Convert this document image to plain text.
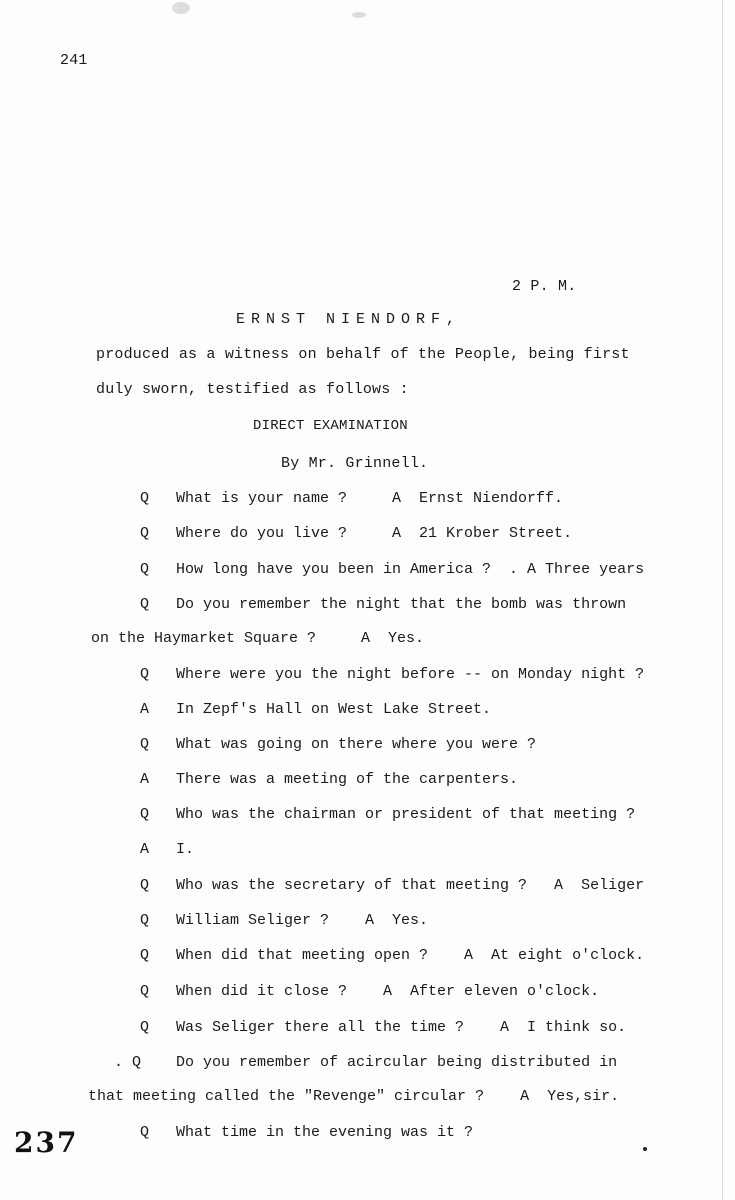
241
2 P. M.
ERNST NIENDORF,
produced as a witness on behalf of the People, being first
duly sworn, testified as follows :
DIRECT EXAMINATION
By Mr. Grinnell.
Q What is your name ?     A  Ernst Niendorff.
Q Where do you live ?     A  21 Krober Street.
Q How long have you been in America ?  . A Three years
Q Do you remember the night that the bomb was thrown
on the Haymarket Square ?     A  Yes.
Q Where were you the night before -- on Monday night ?
A In Zepf's Hall on West Lake Street.
Q What was going on there where you were ?
A There was a meeting of the carpenters.
Q Who was the chairman or president of that meeting ?
A I.
Q Who was the secretary of that meeting ?   A  Seliger
Q William Seliger ?    A  Yes.
Q When did that meeting open ?    A  At eight o'clock.
Q When did it close ?    A  After eleven o'clock.
Q Was Seliger there all the time ?    A  I think so.
. Q Do you remember of acircular being distributed in
that meeting called the "Revenge" circular ?    A  Yes,sir.
Q What time in the evening was it ?
237
